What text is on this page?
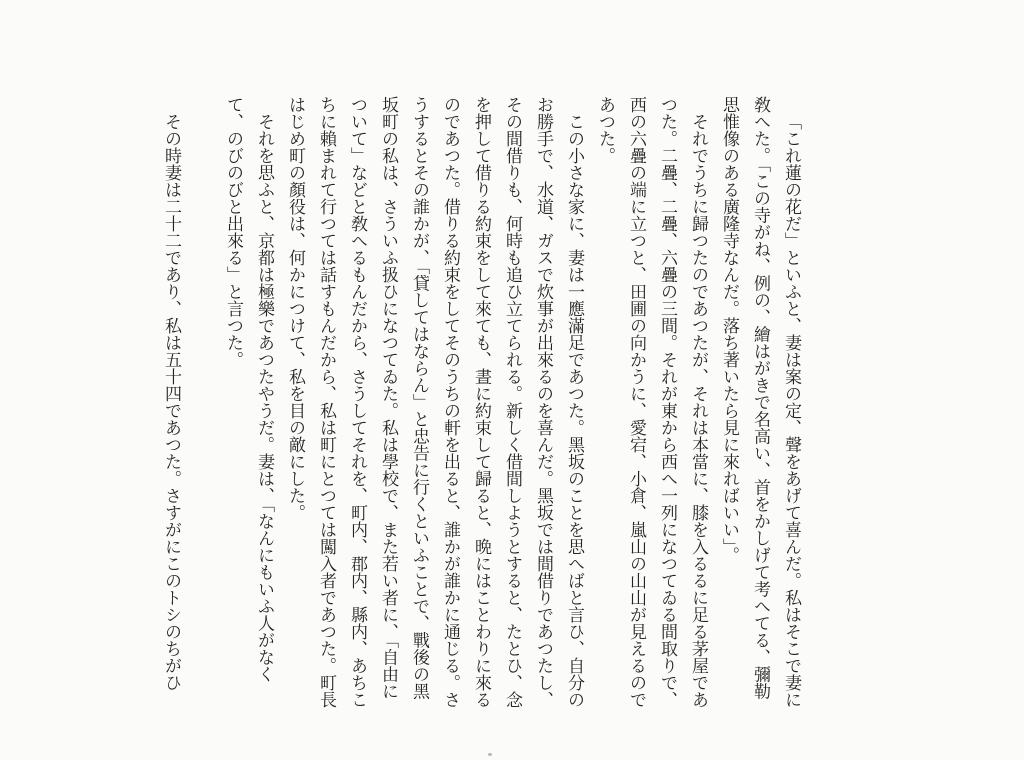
「これ蓮の花だ」といふと、妻は案の定、聲をあげて喜んだ。私はそこで妻に敎へた。「この寺がね、例の、繪はがきで名高い、首をかしげて考へてる、彌勒思惟像のある廣隆寺なんだ。落ち著いたら見に來ればいい」。

それでうちに歸つたのであつたが、それは本當に、膝を入るるに足る茅屋であつた。二疊、二疊、六疊の三間。それが東から西へ一列になつてゐる間取りで、西の六疊の端に立つと、田圃の向かうに、愛宕、小倉、嵐山の山山が見えるのであつた。

この小さな家に、妻は一應滿足であつた。黑坂のことを思へばと言ひ、自分のお勝手で、水道、ガスで炊事が出來るのを喜んだ。黑坂では間借りであつたし、その間借りも、何時も追ひ立てられる。新しく借間しようとすると、たとひ、念を押して借りる約束をして來ても、晝に約束して歸ると、晩にはことわりに來るのであつた。借りる約束をしてそのうちの軒を出ると、誰かが誰かに通じる。さうするとその誰かが、「貸してはならん」と忠告に行くといふことで、戰後の黑坂町の私は、さういふ扱ひになつてゐた。私は學校で、また若い者に、「自由について」などと敎へるもんだから、さうしてそれを、町内、郡内、縣内、あちこちに賴まれて行つては話すもんだから、私は町にとつては闖入者であつた。町長はじめ町の顏役は、何かにつけて、私を目の敵にした。

それを思ふと、京都は極樂であつたやうだ。妻は、「なんにもいふ人がなくて、のびのびと出來る」と言つた。

その時妻は二十二であり、私は五十四であつた。さすがにこのトシのちがひ
